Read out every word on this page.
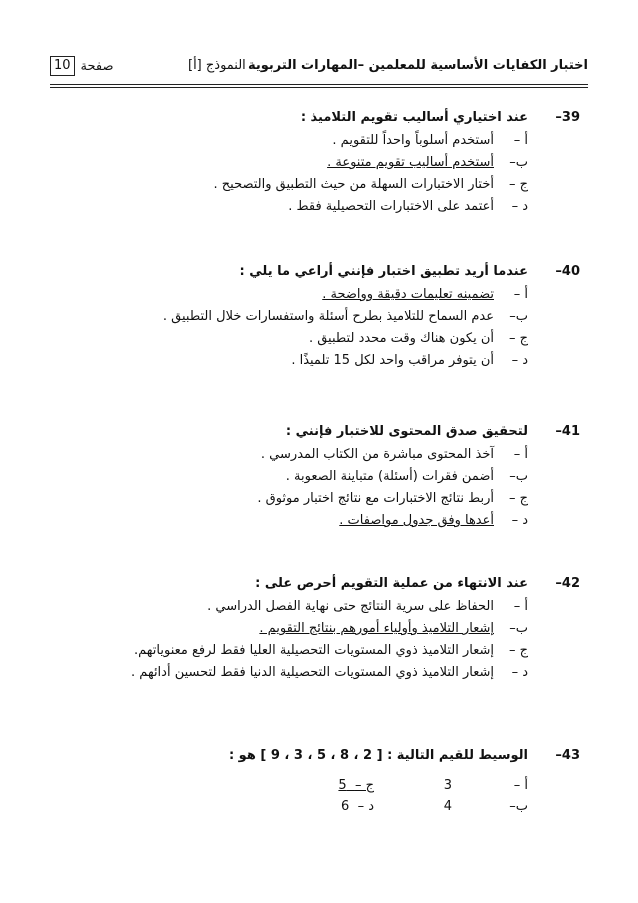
اختبار الكفايات الأساسية للمعلمين –المهارات التربوية
النموذج [أ]
صفحة
10
39–
عند اختياري أساليب تقويم التلاميذ :
أ –
أستخدم أسلوباً واحداً للتقويم .
ب–
أستخدم أساليب تقويم متنوعة .
ج –
أختار الاختبارات السهلة من حيث التطبيق والتصحيح .
د –
أعتمد على الاختبارات التحصيلية فقط .
40–
عندما أريد تطبيق اختبار فإنني أراعي ما يلي :
أ –
تضمينه تعليمات دقيقة وواضحة .
ب–
عدم السماح للتلاميذ بطرح أسئلة واستفسارات خلال التطبيق .
ج –
أن يكون هناك وقت محدد لتطبيق .
د –
أن يتوفر مراقب واحد لكل 15 تلميذًا .
41–
لتحقيق صدق المحتوى للاختبار فإنني :
أ –
آخذ المحتوى مباشرة من الكتاب المدرسي .
ب–
أضمن فقرات (أسئلة) متباينة الصعوبة .
ج –
أربط نتائج الاختبارات مع نتائج اختبار موثوق .
د –
أعدها وفق جدول مواصفات .
42–
عند الانتهاء من عملية التقويم أحرص على :
أ –
الحفاظ على سرية النتائج حتى نهاية الفصل الدراسي .
ب–
إشعار التلاميذ وأولياء أمورهم بنتائج التقويم .
ج –
إشعار التلاميذ ذوي المستويات التحصيلية العليا فقط لرفع معنوياتهم.
د –
إشعار التلاميذ ذوي المستويات التحصيلية الدنيا فقط لتحسين أدائهم .
43–
الوسيط للقيم التالية : [ 2 ، 8 ، 5 ، 3 ، 9 ] هو :
أ –
3
ج –  5
ب–
4
د –  6
